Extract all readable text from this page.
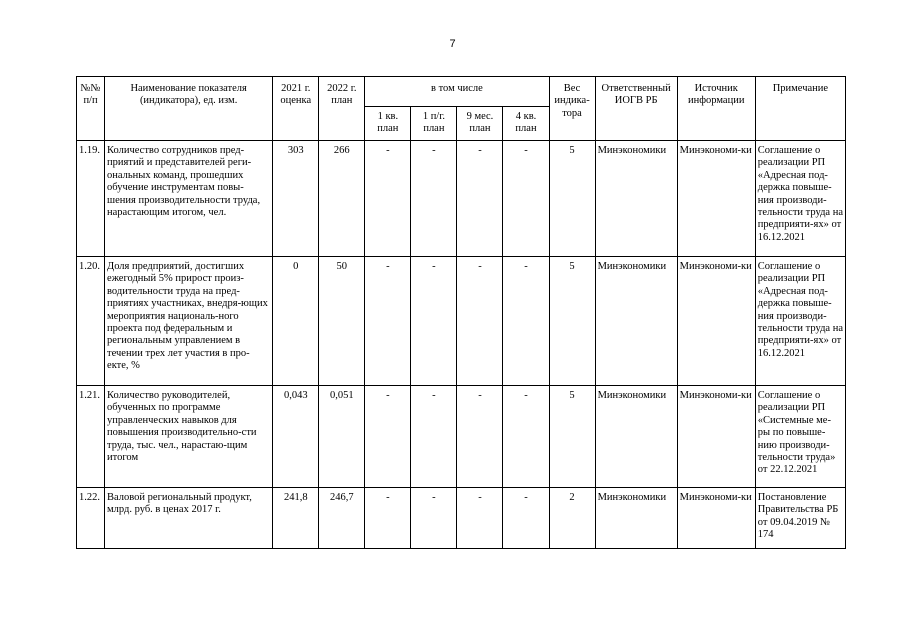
7
№№ п/п	Наименование показателя (индикатора), ед. изм.	2021 г. оценка	2022 г. план	в том числе				Вес индика-тора	Ответственный ИОГВ РБ	Источник информации	Примечание
				1 кв. план	1 п/г. план	9 мес. план	4 кв. план				
1.19.	Количество сотрудников пред-приятий и представителей реги-ональных команд, прошедших обучение инструментам повы-шения производительности труда, нарастающим итогом, чел.	303	266	-	-	-	-	5	Минэкономики	Минэкономи-ки	Соглашение о реализации РП «Адресная под-держка повыше-ния производи-тельности труда на предприяти-ях» от 16.12.2021
1.20.	Доля предприятий, достигших ежегодный 5% прирост произ-водительности труда на пред-приятиях участниках, внедря-ющих мероприятия националь-ного проекта под федеральным и региональным управлением в течении трех лет участия в про-екте, %	0	50	-	-	-	-	5	Минэкономики	Минэкономи-ки	Соглашение о реализации РП «Адресная под-держка повыше-ния производи-тельности труда на предприяти-ях» от 16.12.2021
1.21.	Количество руководителей, обученных по программе управленческих навыков для повышения производительно-сти труда, тыс. чел., нарастаю-щим итогом	0,043	0,051	-	-	-	-	5	Минэкономики	Минэкономи-ки	Соглашение о реализации РП «Системные ме-ры по повыше-нию производи-тельности труда» от 22.12.2021
1.22.	Валовой региональный продукт, млрд. руб. в ценах 2017 г.	241,8	246,7	-	-	-	-	2	Минэкономики	Минэкономи-ки	Постановление Правительства РБ от 09.04.2019 № 174
